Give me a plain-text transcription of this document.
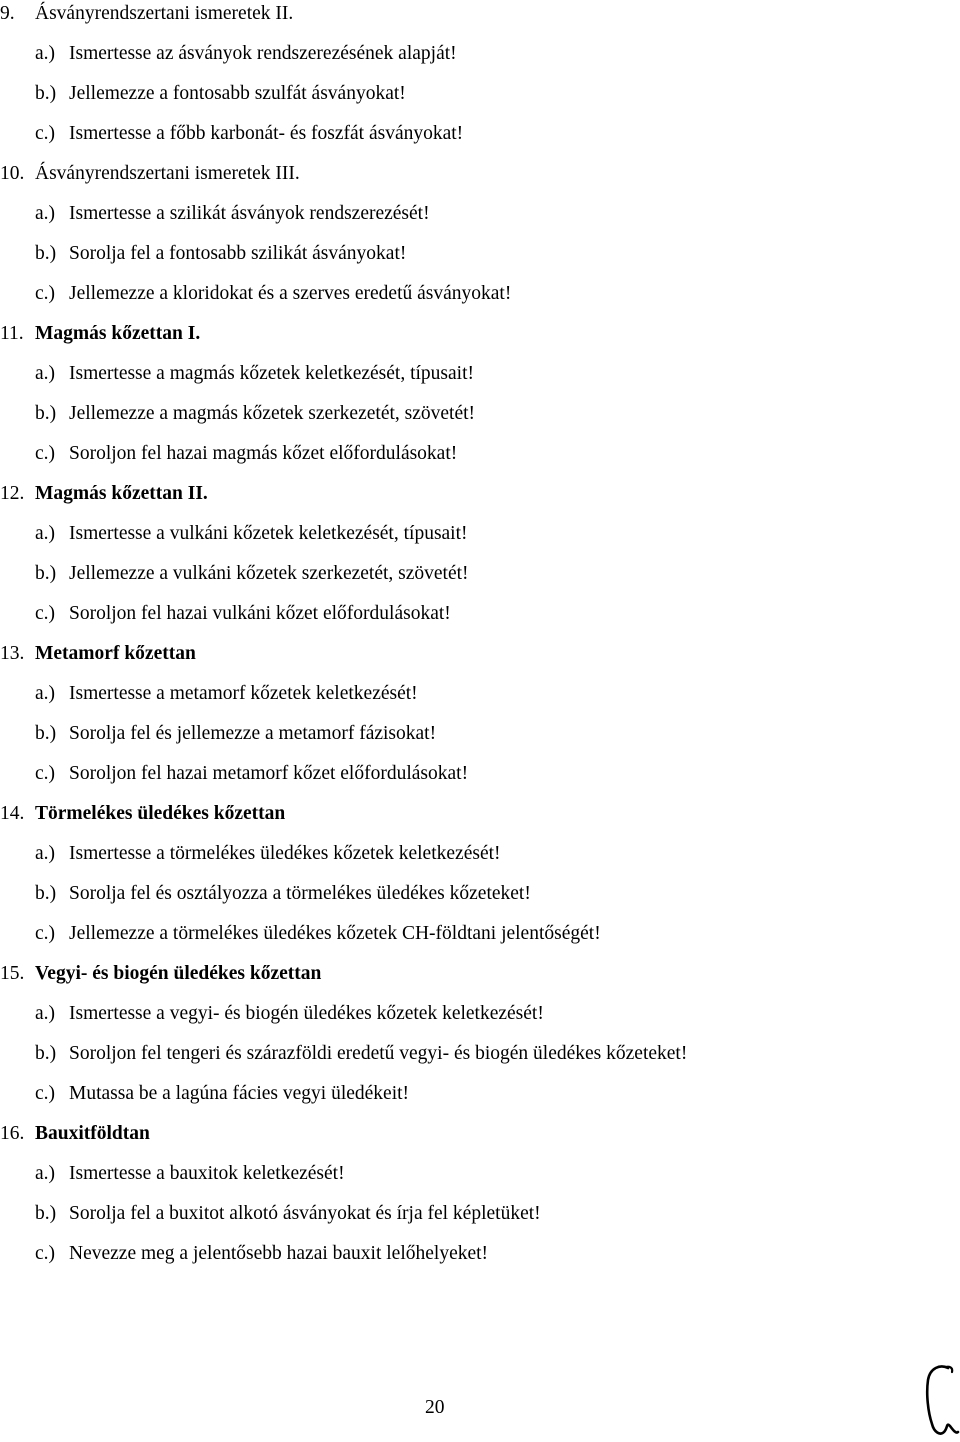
9. Ásványrendszertani ismeretek II.
a.) Ismertesse az ásványok rendszerezésének alapját!
b.) Jellemezze a fontosabb szulfát ásványokat!
c.) Ismertesse a főbb karbonát- és foszfát ásványokat!
10. Ásványrendszertani ismeretek III.
a.) Ismertesse a szilikát ásványok rendszerezését!
b.) Sorolja fel a fontosabb szilikát ásványokat!
c.) Jellemezze a kloridokat és a szerves eredetű ásványokat!
11. Magmás kőzettan I.
a.) Ismertesse a magmás kőzetek keletkezését, típusait!
b.) Jellemezze a magmás kőzetek szerkezetét, szövetét!
c.) Soroljon fel hazai magmás kőzet előfordulásokat!
12. Magmás kőzettan II.
a.) Ismertesse a vulkáni kőzetek keletkezését, típusait!
b.) Jellemezze a vulkáni kőzetek szerkezetét, szövetét!
c.) Soroljon fel hazai vulkáni kőzet előfordulásokat!
13. Metamorf kőzettan
a.) Ismertesse a metamorf kőzetek keletkezését!
b.) Sorolja fel és jellemezze a metamorf fázisokat!
c.) Soroljon fel hazai metamorf kőzet előfordulásokat!
14. Törmelékes üledékes kőzettan
a.) Ismertesse a törmelékes üledékes kőzetek keletkezését!
b.) Sorolja fel és osztályozza a törmelékes üledékes kőzeteket!
c.) Jellemezze a törmelékes üledékes kőzetek CH-földtani jelentőségét!
15. Vegyi- és biogén üledékes kőzettan
a.) Ismertesse a vegyi- és biogén üledékes kőzetek keletkezését!
b.) Soroljon fel tengeri és szárazföldi eredetű vegyi- és biogén üledékes kőzeteket!
c.) Mutassa be a lagúna fácies vegyi üledékeit!
16. Bauxitföldtan
a.) Ismertesse a bauxitok keletkezését!
b.) Sorolja fel a buxitot alkotó ásványokat és írja fel képletüket!
c.) Nevezze meg a jelentősebb hazai bauxit lelőhelyeket!
20
